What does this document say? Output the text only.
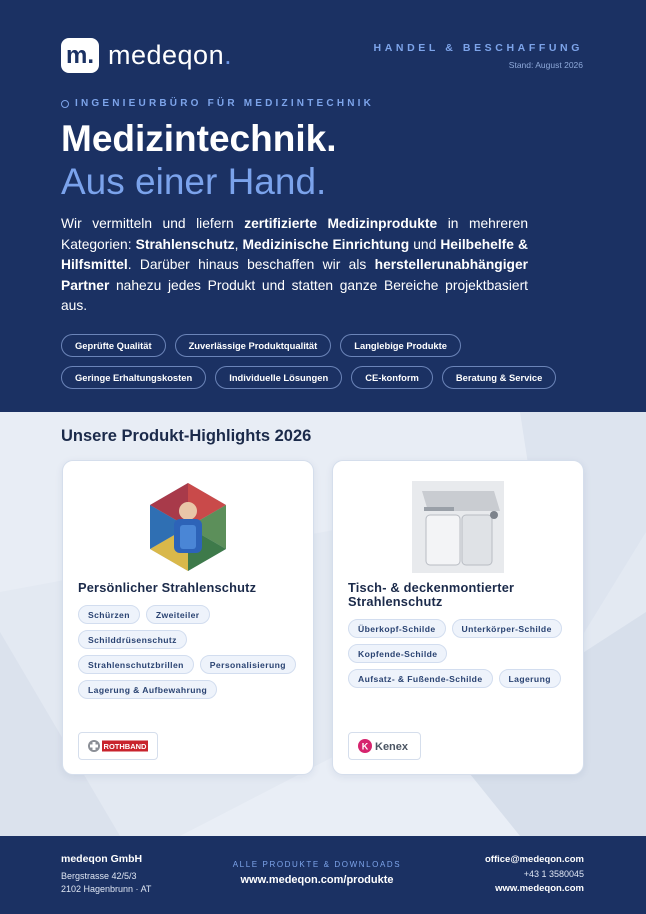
m. medeqon .	HANDEL & BESCHAFFUNG
Stand: August 2026
INGENIEURBÜRO FÜR MEDIZINTECHNIK
Medizintechnik.
Aus einer Hand.

Wir vermitteln und liefern zertifizierte Medizinprodukte in mehreren Kategorien: Strahlenschutz, Medizinische Einrichtung und Heilbehelfe & Hilfsmittel. Darüber hinaus beschaffen wir als herstellerunabhängiger Partner nahezu jedes Produkt und statten ganze Bereiche projektbasiert aus.

Geprüfte Qualität	Zuverlässige Produktqualität	Langlebige Produkte
Geringe Erhaltungskosten	Individuelle Lösungen	CE-konform	Beratung & Service
Unsere Produkt-Highlights 2026
Persönlicher Strahlenschutz
Schürzen	Zweiteiler
Schilddrüsenschutz
Strahlenschutzbrillen	Personalisierung
Lagerung & Aufbewahrung
ROTHBAND
Tisch- & deckenmontierter Strahlenschutz
Überkopf-Schilde	Unterkörper-Schilde
Kopfende-Schilde
Aufsatz- & Fußende-Schilde	Lagerung
K Kenex
medeqon GmbH
Bergstrasse 42/5/3
2102 Hagenbrunn · AT
ALLE PRODUKTE & DOWNLOADS
www.medeqon.com/produkte
office@medeqon.com
+43 1 3580045
www.medeqon.com
